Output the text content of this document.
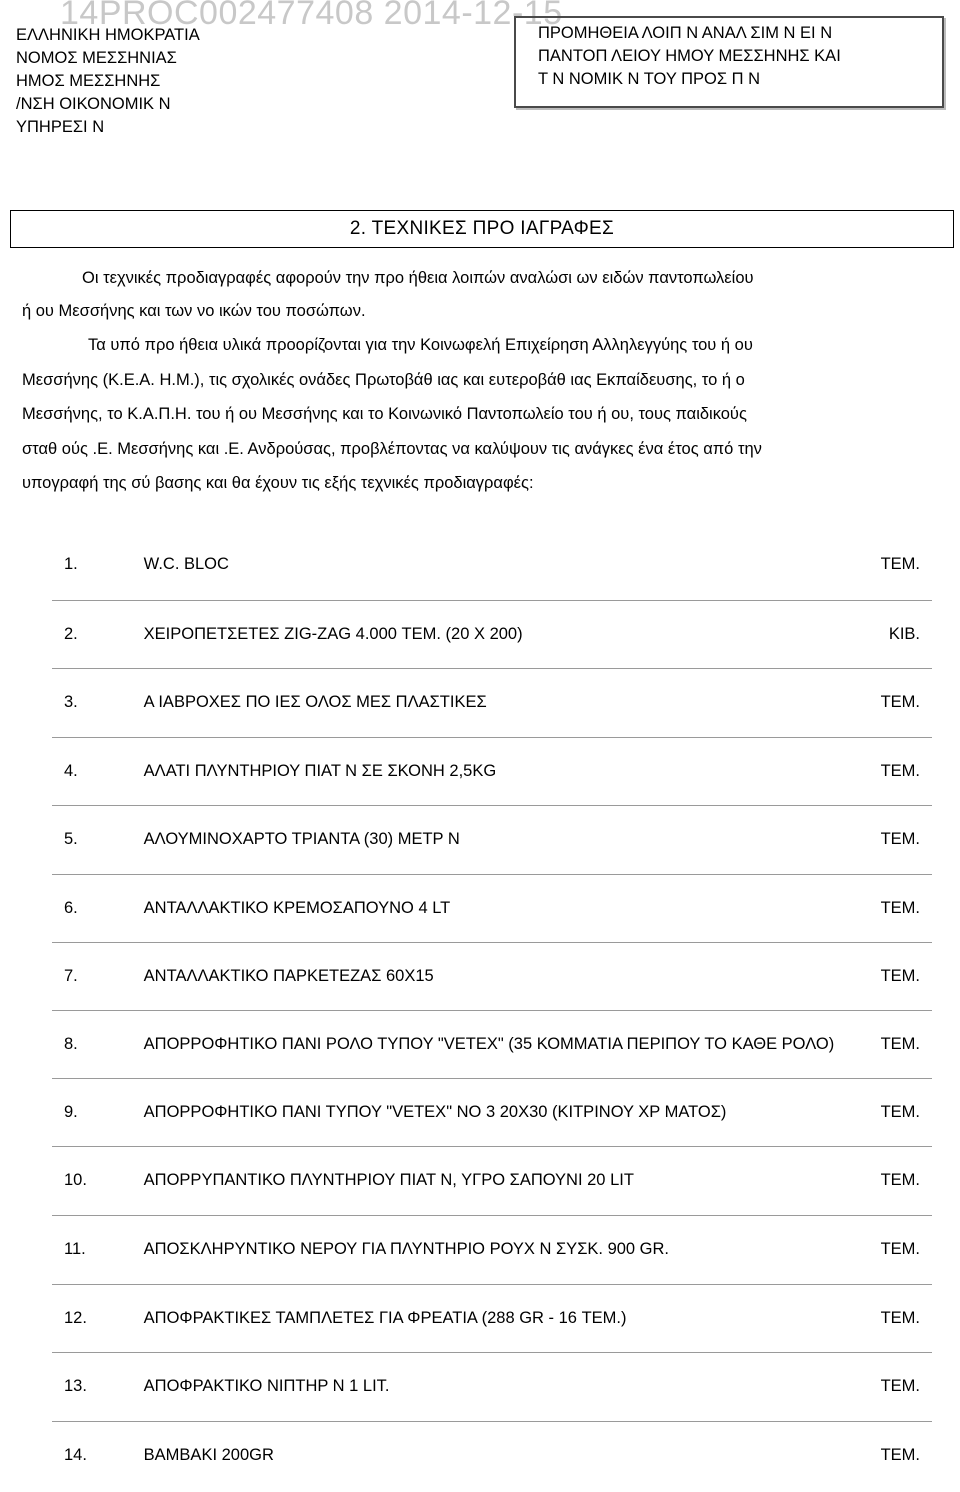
14PROC002477408 2014-12-15
ΕΛΛΗΝΙΚΗ ΗΜΟΚΡΑΤΙΑ
ΝΟΜΟΣ ΜΕΣΣΗΝΙΑΣ
ΗΜΟΣ ΜΕΣΣΗΝΗΣ
/ΝΣΗ ΟΙΚΟΝΟΜΙΚ Ν
ΥΠΗΡΕΣΙ Ν
ΠΡΟΜΗΘΕΙΑ ΛΟΙΠ Ν ΑΝΑΛ ΣΙΜ Ν ΕΙ Ν
ΠΑΝΤΟΠ ΛΕΙΟΥ ΗΜΟΥ ΜΕΣΣΗΝΗΣ ΚΑΙ
Τ Ν ΝΟΜΙΚ Ν ΤΟΥ ΠΡΟΣ Π Ν
2. ΤΕΧΝΙΚΕΣ ΠΡΟ ΙΑΓΡΑΦΕΣ
Οι τεχνικές προδιαγραφές αφορούν την προ ήθεια λοιπών αναλώσι ων ειδών παντοπωλείου
ή ου Μεσσήνης και των νο ικών του ποσώπων.
Τα υπό προ ήθεια υλικά προορίζονται για την Κοινωφελή Επιχείρηση Αλληλεγγύης του ή ου
Μεσσήνης (Κ.Ε.Α. Η.Μ.), τις σχολικές ονάδες Πρωτοβάθ ιας και ευτεροβάθ ιας Εκπαίδευσης, το ή ο
Μεσσήνης, το Κ.Α.Π.Η. του ή ου Μεσσήνης και το Κοινωνικό Παντοπωλείο του ή ου, τους παιδικούς
σταθ ούς .Ε. Μεσσήνης και .Ε. Ανδρούσας, προβλέποντας να καλύψουν τις ανάγκες ένα έτος από την
υπογραφή της σύ βασης και θα έχουν τις εξής τεχνικές προδιαγραφές:
1.	W.C. BLOC	ΤΕΜ.
2.	ΧΕΙΡΟΠΕΤΣΕΤΕΣ ZIG-ZAG 4.000 ΤΕΜ. (20 Χ 200)	ΚΙΒ.
3.	Α ΙΑΒΡΟΧΕΣ ΠΟ ΙΕΣ ΟΛΟΣ ΜΕΣ ΠΛΑΣΤΙΚΕΣ	ΤΕΜ.
4.	ΑΛΑΤΙ ΠΛΥΝΤΗΡΙΟΥ ΠΙΑΤ Ν ΣΕ ΣΚΟΝΗ 2,5KG	ΤΕΜ.
5.	ΑΛΟΥΜΙΝΟΧΑΡΤΟ ΤΡΙΑΝΤΑ (30) ΜΕΤΡ Ν	ΤΕΜ.
6.	ΑΝΤΑΛΛΑΚΤΙΚΟ ΚΡΕΜΟΣΑΠΟΥΝΟ 4 LT	ΤΕΜ.
7.	ΑΝΤΑΛΛΑΚΤΙΚΟ ΠΑΡΚΕΤΕΖΑΣ 60Χ15	ΤΕΜ.
8.	ΑΠΟΡΡΟΦΗΤΙΚΟ ΠΑΝΙ ΡΟΛΟ ΤΥΠΟΥ "VETEX" (35 ΚΟΜΜΑΤΙΑ ΠΕΡΙΠΟΥ ΤΟ ΚΑΘΕ ΡΟΛΟ)	ΤΕΜ.
9.	ΑΠΟΡΡΟΦΗΤΙΚΟ ΠΑΝΙ ΤΥΠΟΥ "VETEX" ΝΟ 3 20Χ30 (ΚΙΤΡΙΝΟΥ ΧΡ ΜΑΤΟΣ)	ΤΕΜ.
10.	ΑΠΟΡΡΥΠΑΝΤΙΚΟ ΠΛΥΝΤΗΡΙΟΥ ΠΙΑΤ Ν, ΥΓΡΟ ΣΑΠΟΥΝΙ 20 LIT	ΤΕΜ.
11.	ΑΠΟΣΚΛΗΡΥΝΤΙΚΟ ΝΕΡΟΥ ΓΙΑ ΠΛΥΝΤΗΡΙΟ ΡΟΥΧ Ν ΣΥΣΚ. 900 GR.	ΤΕΜ.
12.	ΑΠΟΦΡΑΚΤΙΚΕΣ ΤΑΜΠΛΕΤΕΣ ΓΙΑ ΦΡΕΑΤΙΑ (288 GR - 16 ΤΕΜ.)	ΤΕΜ.
13.	ΑΠΟΦΡΑΚΤΙΚΟ ΝΙΠΤΗΡ Ν 1 LIT.	ΤΕΜ.
14.	ΒΑΜΒΑΚΙ 200GR	ΤΕΜ.
